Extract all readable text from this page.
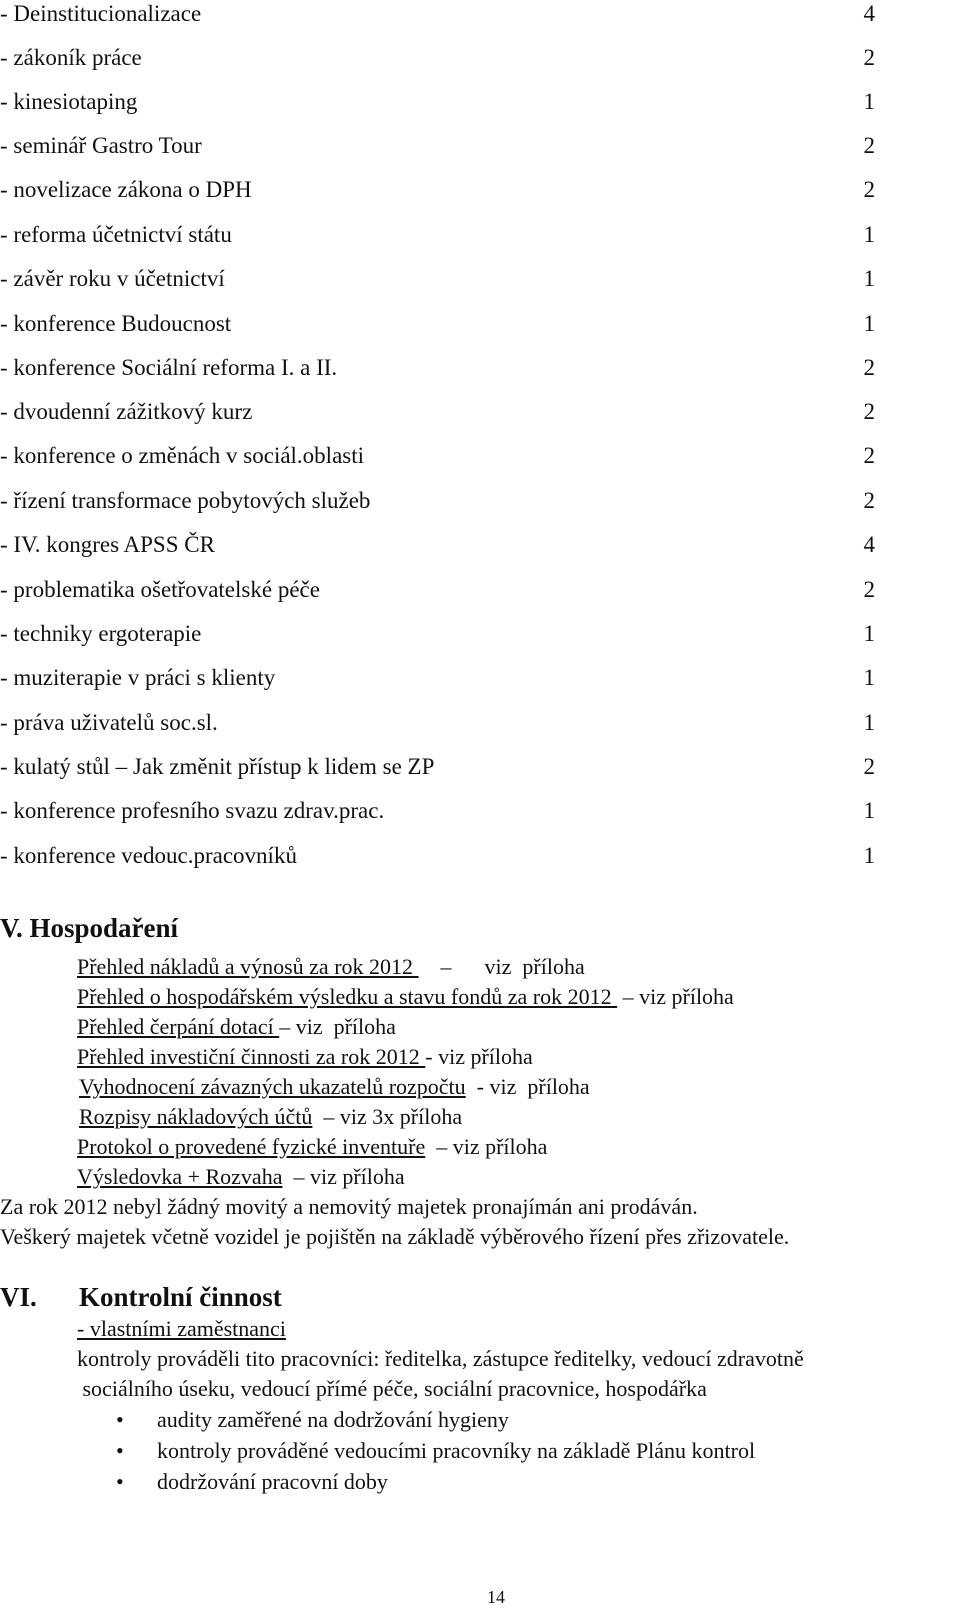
- Deinstitucionalizace	4
- zákoník práce	2
- kinesiotaping	1
- seminář Gastro Tour	2
- novelizace zákona o DPH	2
- reforma účetnictví státu	1
- závěr roku v účetnictví	1
- konference Budoucnost	1
- konference Sociální reforma I. a II.	2
- dvoudenní zážitkový kurz	2
- konference o změnách v sociál.oblasti	2
- řízení transformace pobytových služeb	2
- IV. kongres APSS ČR	4
- problematika ošetřovatelské péče	2
- techniky ergoterapie	1
- muziterapie v práci s klienty	1
- práva uživatelů soc.sl.	1
- kulatý stůl – Jak změnit přístup k lidem se ZP	2
- konference profesního svazu zdrav.prac.	1
- konference vedouc.pracovníků	1
V. Hospodaření
Přehled nákladů a výnosů za rok 2012     –      viz  příloha
Přehled o hospodářském výsledku a stavu fondů za rok 2012  – viz příloha
Přehled čerpání dotací – viz  příloha
Přehled investiční činnosti za rok 2012 - viz příloha
Vyhodnocení závazných ukazatelů rozpočtu  - viz  příloha
Rozpisy nákladových účtů  – viz 3x příloha
Protokol o provedené fyzické inventuře  – viz příloha
Výsledovka + Rozvaha  – viz příloha
Za rok 2012 nebyl žádný movitý a nemovitý majetek pronajímán ani prodáván.
Veškerý majetek včetně vozidel je pojištěn na základě výběrového řízení přes zřizovatele.
VI. Kontrolní činnost
- vlastními zaměstnanci
kontroly prováděli tito pracovníci: ředitelka, zástupce ředitelky, vedoucí zdravotně
sociálního úseku, vedoucí přímé péče, sociální pracovnice, hospodářka
• audity zaměřené na dodržování hygieny
• kontroly prováděné vedoucími pracovníky na základě Plánu kontrol
• dodržování pracovní doby
14
